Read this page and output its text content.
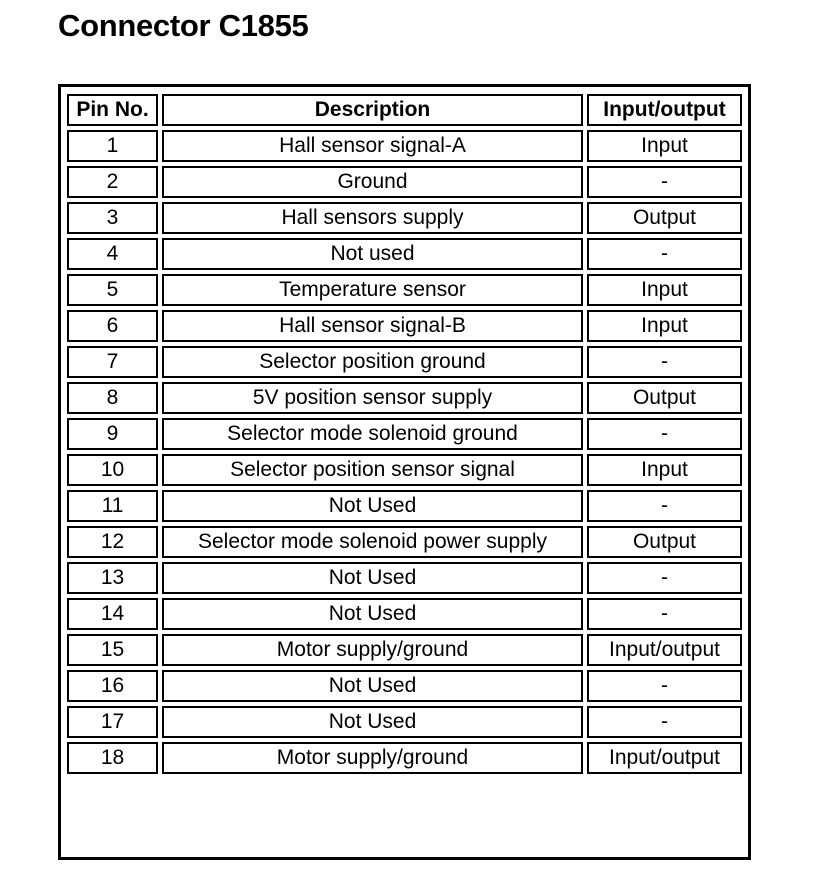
Connector C1855
Pin No.	Description	Input/output
1	Hall sensor signal-A	Input
2	Ground	-
3	Hall sensors supply	Output
4	Not used	-
5	Temperature sensor	Input
6	Hall sensor signal-B	Input
7	Selector position ground	-
8	5V position sensor supply	Output
9	Selector mode solenoid ground	-
10	Selector position sensor signal	Input
11	Not Used	-
12	Selector mode solenoid power supply	Output
13	Not Used	-
14	Not Used	-
15	Motor supply/ground	Input/output
16	Not Used	-
17	Not Used	-
18	Motor supply/ground	Input/output
